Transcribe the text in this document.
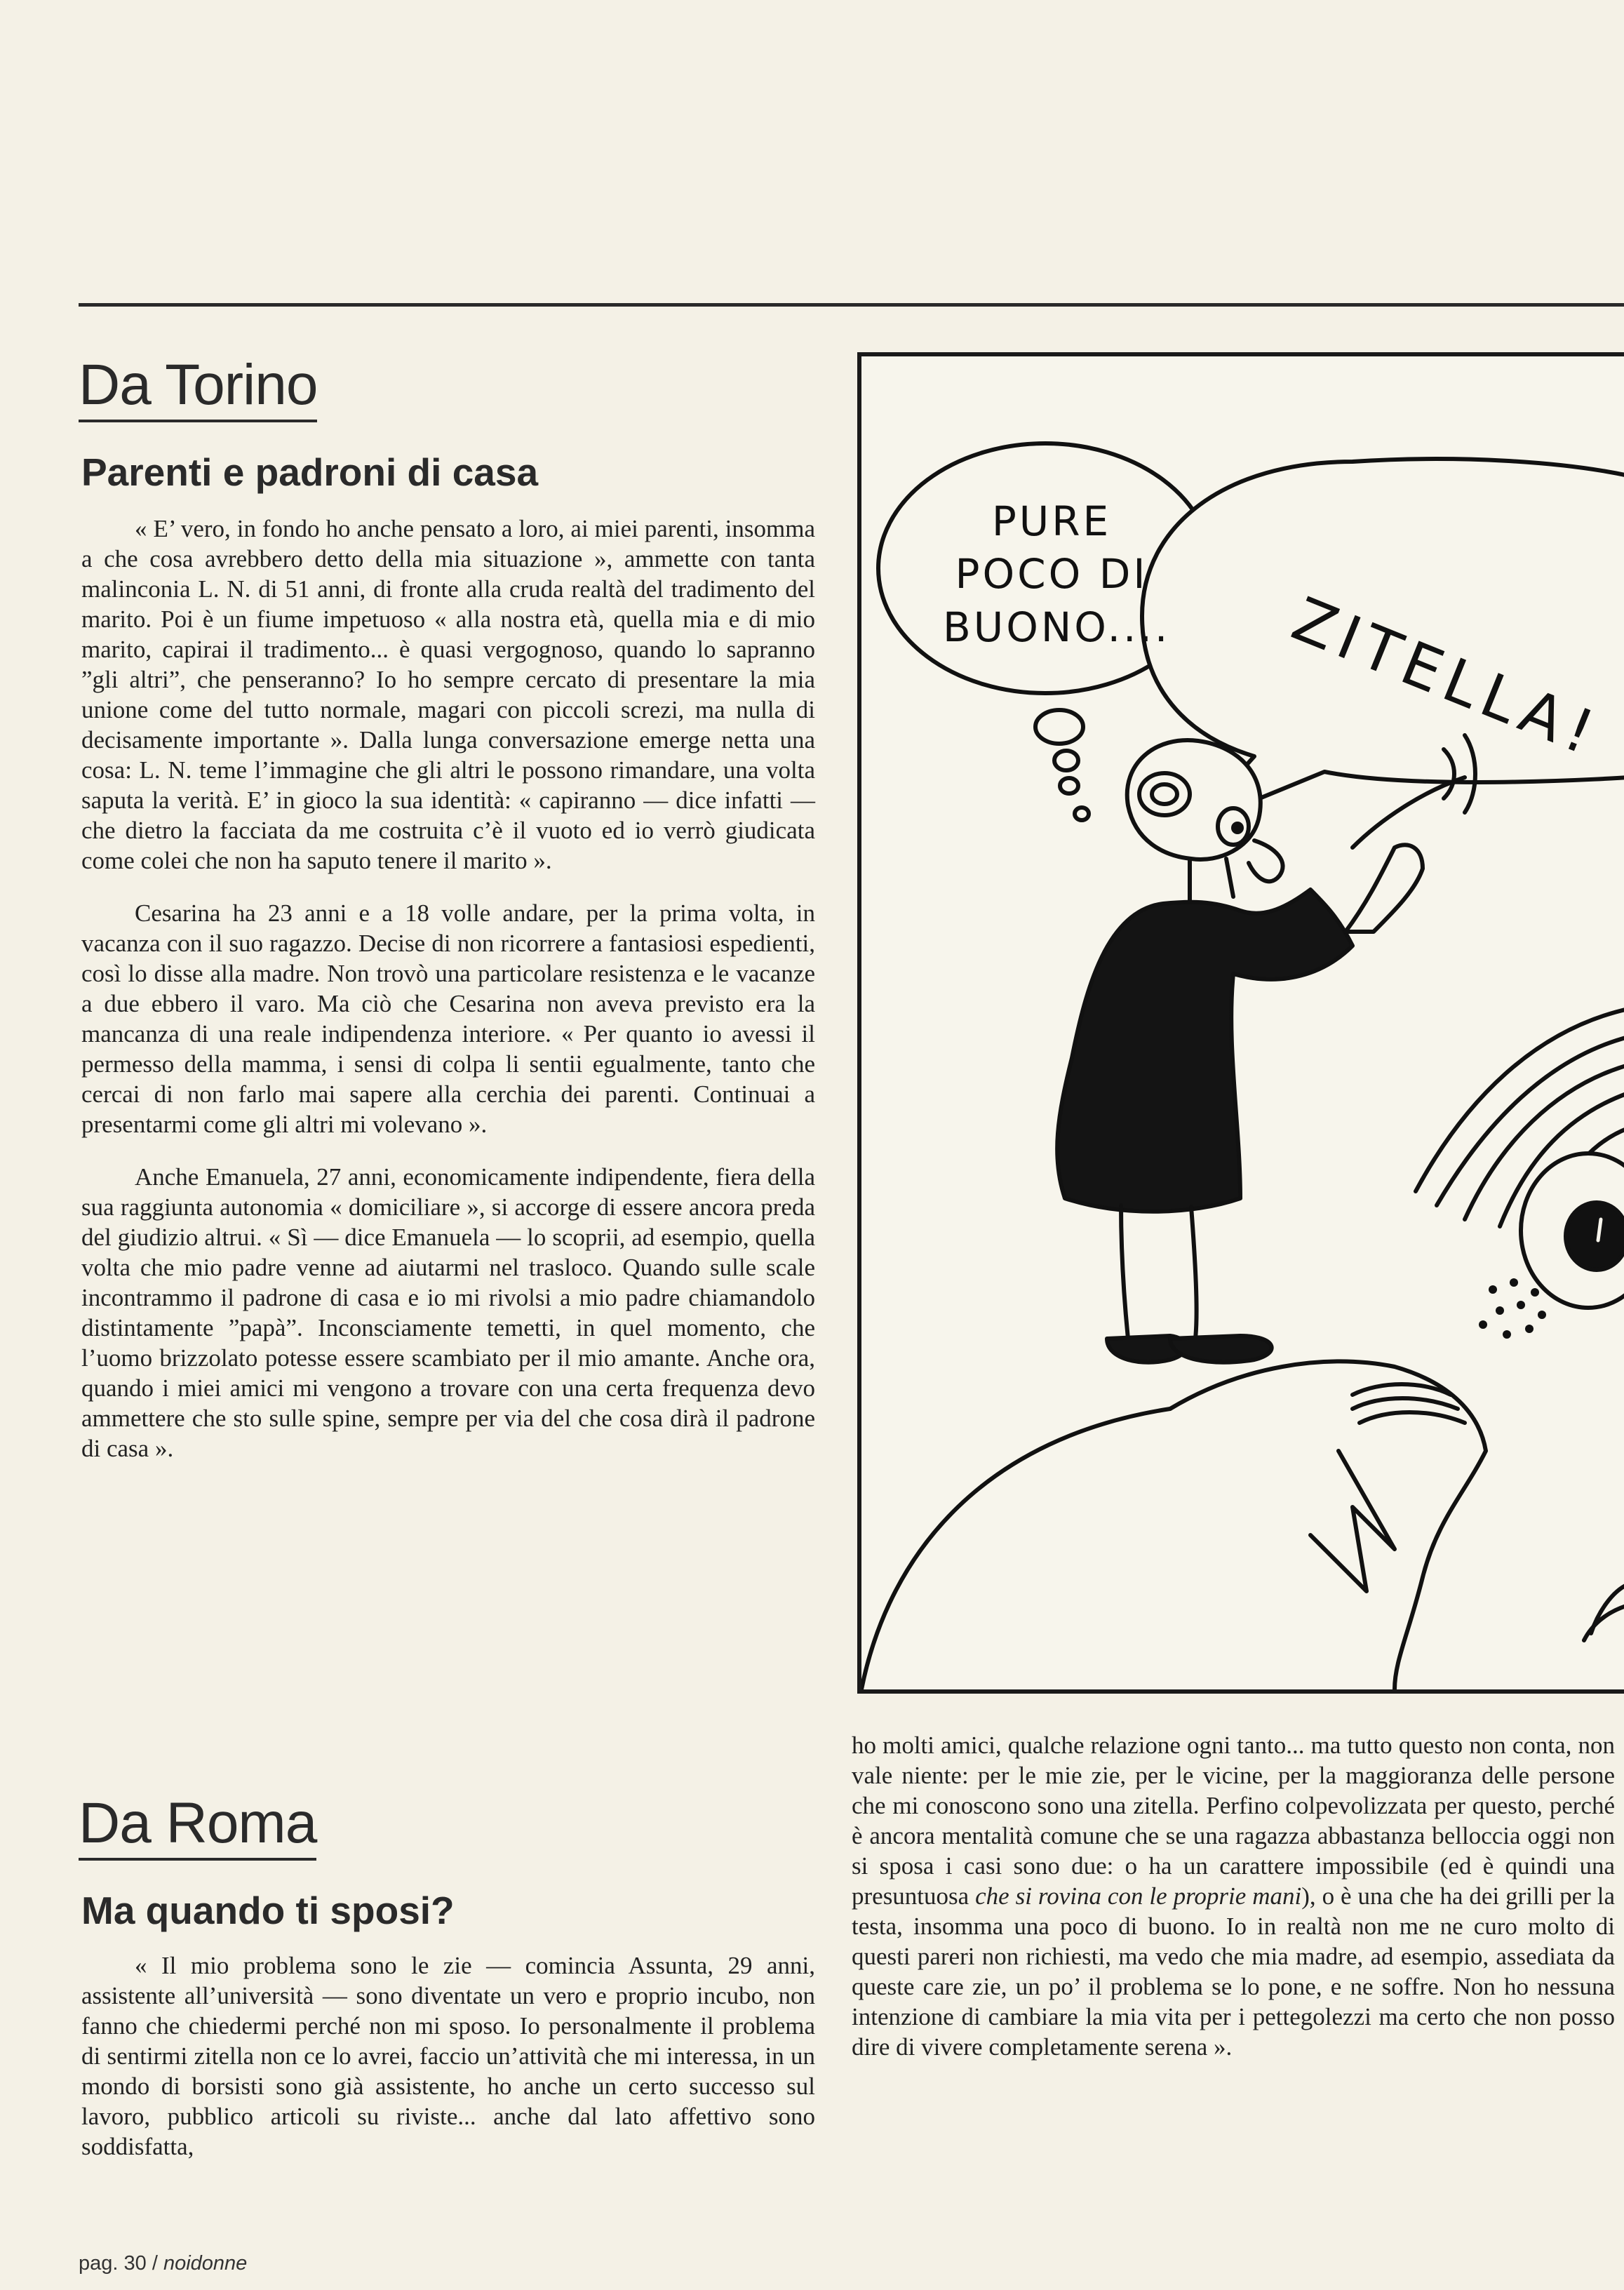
Da Torino
Parenti e padroni di casa

« E’ vero, in fondo ho anche pensato a loro, ai miei parenti, insomma a che cosa avrebbero detto della mia situazione », ammette con tanta malinconia L. N. di 51 anni, di fronte alla cruda realtà del tradimento del marito. Poi è un fiume impetuoso « alla nostra età, quella mia e di mio marito, capirai il tradimento... è quasi vergognoso, quando lo sapranno ”gli altri”, che penseranno? Io ho sempre cercato di presentare la mia unione come del tutto normale, magari con piccoli screzi, ma nulla di decisamente importante ». Dalla lunga conversazione emerge netta una cosa: L. N. teme l’immagine che gli altri le possono rimandare, una volta saputa la verità. E’ in gioco la sua identità: « capiranno — dice infatti — che dietro la facciata da me costruita c’è il vuoto ed io verrò giudicata come colei che non ha saputo tenere il marito ».

Cesarina ha 23 anni e a 18 volle andare, per la prima volta, in vacanza con il suo ragazzo. Decise di non ricorrere a fantasiosi espedienti, così lo disse alla madre. Non trovò una particolare resistenza e le vacanze a due ebbero il varo. Ma ciò che Cesarina non aveva previsto era la mancanza di una reale indipendenza interiore. « Per quanto io avessi il permesso della mamma, i sensi di colpa li sentii egualmente, tanto che cercai di non farlo mai sapere alla cerchia dei parenti. Continuai a presentarmi come gli altri mi volevano ».

Anche Emanuela, 27 anni, economicamente indipendente, fiera della sua raggiunta autonomia « domiciliare », si accorge di essere ancora preda del giudizio altrui. « Sì — dice Emanuela — lo scoprii, ad esempio, quella volta che mio padre venne ad aiutarmi nel trasloco. Quando sulle scale incontrammo il padrone di casa e io mi rivolsi a mio padre chiamandolo distintamente ”papà”. Inconsciamente temetti, in quel momento, che l’uomo brizzolato potesse essere scambiato per il mio amante. Anche ora, quando i miei amici mi vengono a trovare con una certa frequenza devo ammettere che sto sulle spine, sempre per via del che cosa dirà il padrone di casa ».

Da Roma
Ma quando ti sposi?

« Il mio problema sono le zie — comincia Assunta, 29 anni, assistente all’università — sono diventate un vero e proprio incubo, non fanno che chiedermi perché non mi sposo. Io personalmente il problema di sentirmi zitella non ce lo avrei, faccio un’attività che mi interessa, in un mondo di borsisti sono già assistente, ho anche un certo successo sul lavoro, pubblico articoli su riviste... anche dal lato affettivo sono soddisfatta,

ho molti amici, qualche relazione ogni tanto... ma tutto questo non conta, non vale niente: per le mie zie, per le vicine, per la maggioranza delle persone che mi conoscono sono una zitella. Perfino colpevolizzata per questo, perché è ancora mentalità comune che se una ragazza abbastanza belloccia oggi non si sposa i casi sono due: o ha un carattere impossibile (ed è quindi una presuntuosa che si rovina con le proprie mani), o è una che ha dei grilli per la testa, insomma una poco di buono. Io in realtà non me ne curo molto di questi pareri non richiesti, ma vedo che mia madre, ad esempio, assediata da queste care zie, un po’ il problema se lo pone, e ne soffre. Non ho nessuna intenzione di cambiare la mia vita per i pettegolezzi ma certo che non posso dire di vivere completamente serena ».

PURE
POCO DI
BUONO.... ZITELLA!
pag. 30 / noidonne
